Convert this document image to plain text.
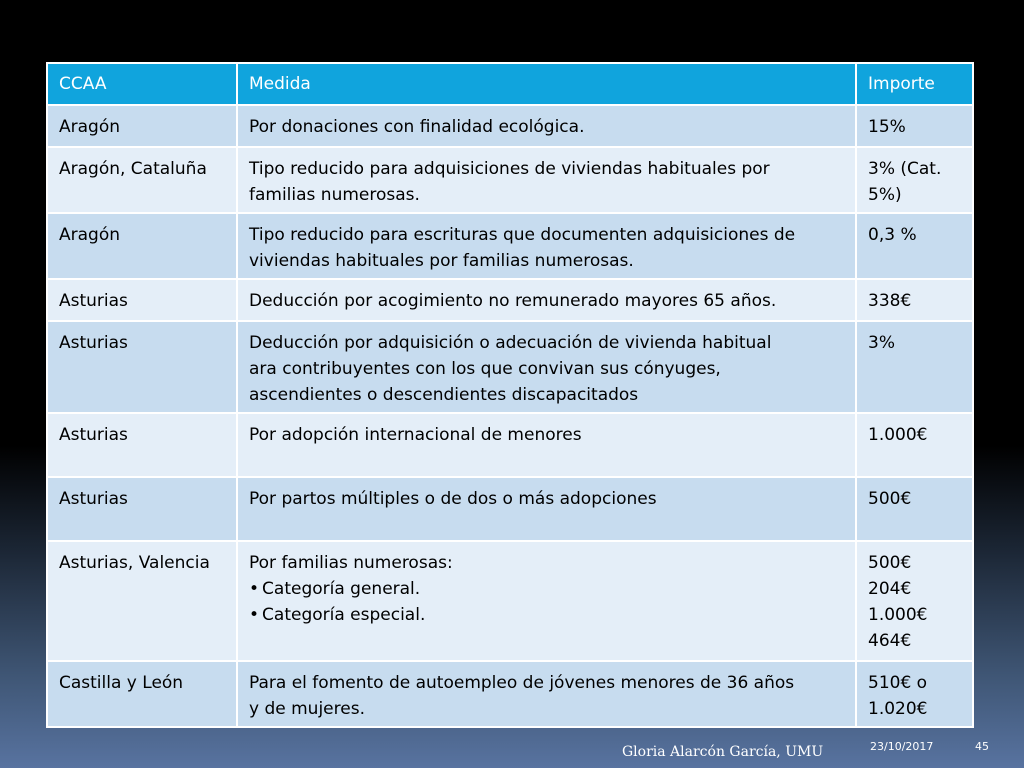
CCAA	Medida	Importe
Aragón	Por donaciones con finalidad ecológica.	15%

Aragón, Cataluña	Tipo reducido para adquisiciones de viviendas habituales por
familias numerosas.	3% (Cat.
5%)

Aragón	Tipo reducido para escrituras que documenten adquisiciones de
viviendas habituales por familias numerosas.	0,3 %

Asturias	Deducción por acogimiento no remunerado mayores 65 años.	338€

Asturias	Deducción por adquisición o adecuación de vivienda habitual
ara contribuyentes con los que convivan sus cónyuges,
ascendientes o descendientes discapacitados	3%

Asturias	Por adopción internacional de menores	1.000€

Asturias	Por partos múltiples o de dos o más adopciones	500€

Asturias, Valencia	Por familias numerosas:
• Categoría general.
• Categoría especial.	500€
204€
1.000€
464€

Castilla y León	Para el fomento de autoempleo de jóvenes menores de 36 años
y de mujeres.	510€ o
1.020€
Gloria Alarcón García, UMU	23/10/2017	45
